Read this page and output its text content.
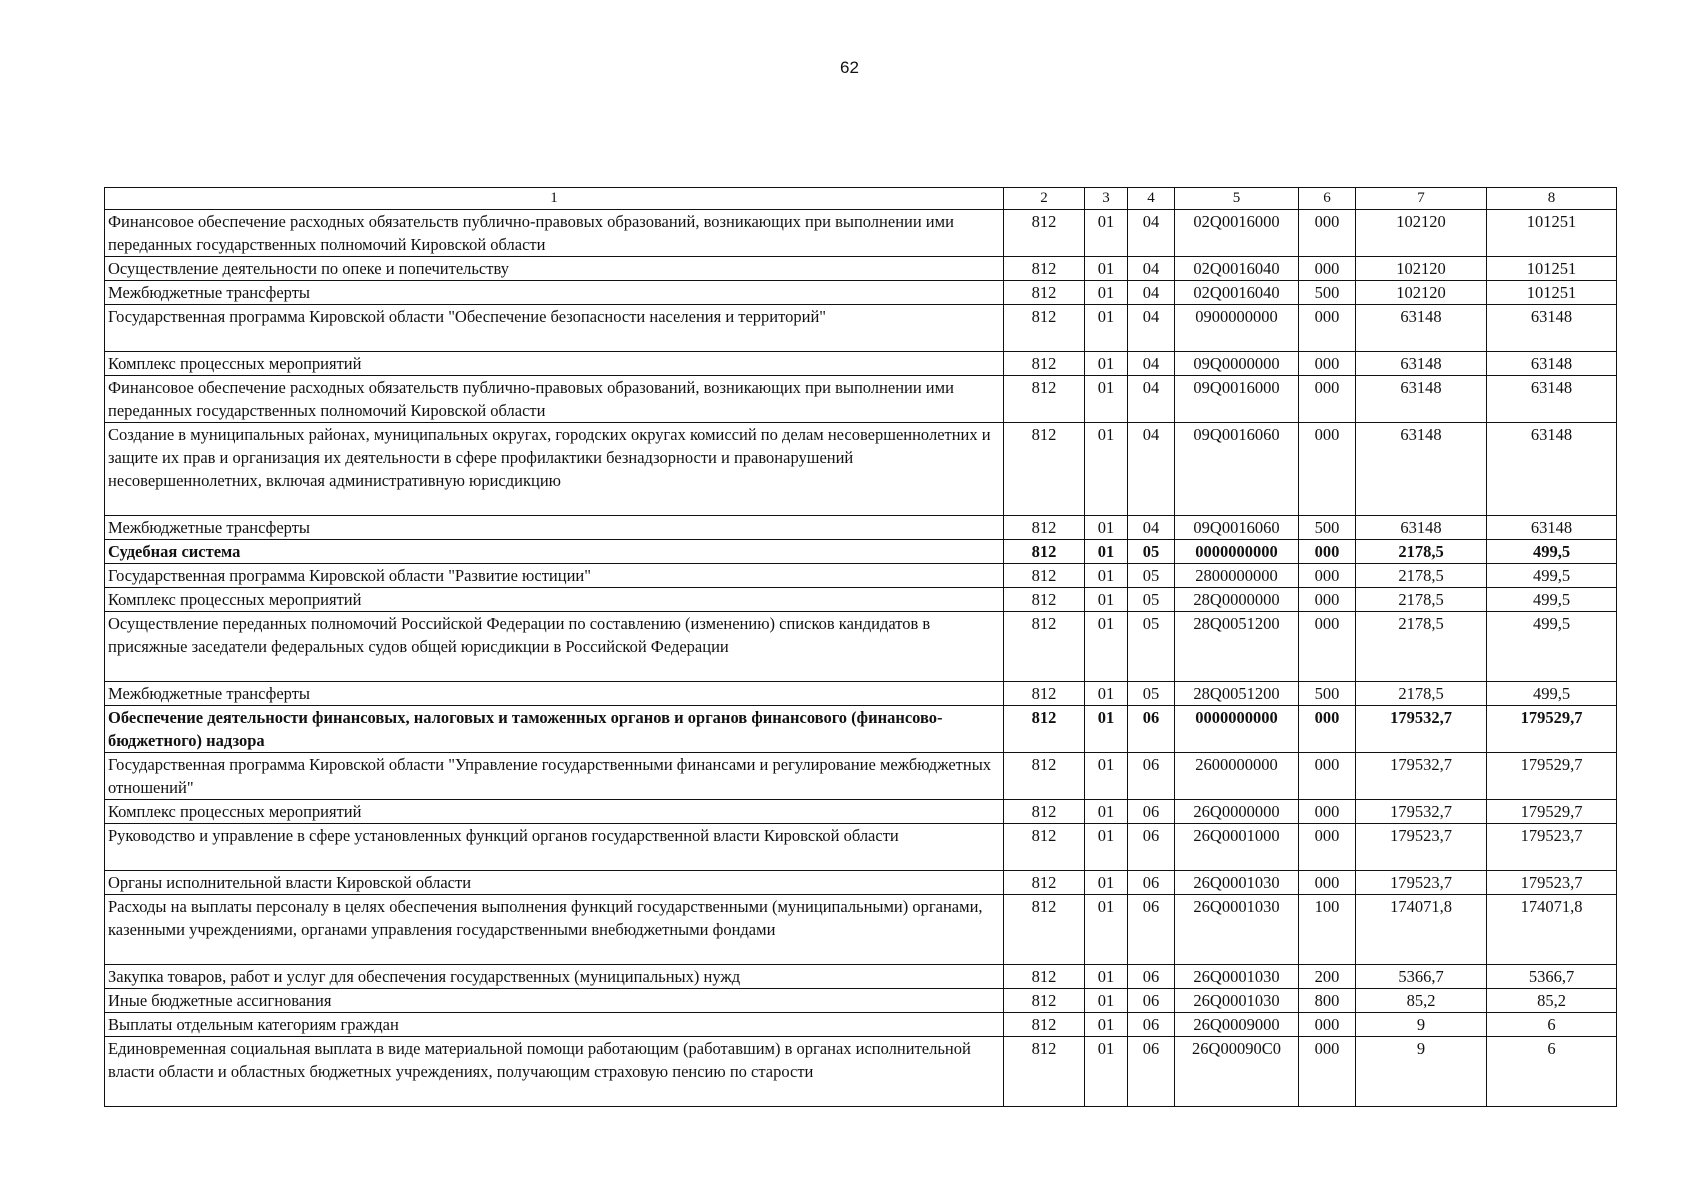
62
1	2	3	4	5	6	7	8
Финансовое обеспечение расходных обязательств публично-правовых образований, возникающих при выполнении ими переданных государственных полномочий Кировской области	812	01	04	02Q0016000	000	102120	101251
Осуществление деятельности по опеке и попечительству	812	01	04	02Q0016040	000	102120	101251
Межбюджетные трансферты	812	01	04	02Q0016040	500	102120	101251
Государственная программа Кировской области "Обеспечение безопасности населения и территорий"	812	01	04	0900000000	000	63148	63148
Комплекс процессных мероприятий	812	01	04	09Q0000000	000	63148	63148
Финансовое обеспечение расходных обязательств публично-правовых образований, возникающих при выполнении ими переданных государственных полномочий Кировской области	812	01	04	09Q0016000	000	63148	63148
Создание в муниципальных районах, муниципальных округах, городских округах комиссий по делам несовершеннолетних и защите их прав и организация их деятельности в сфере профилактики безнадзорности и правонарушений несовершеннолетних, включая административную юрисдикцию	812	01	04	09Q0016060	000	63148	63148
Межбюджетные трансферты	812	01	04	09Q0016060	500	63148	63148
Судебная система	812	01	05	0000000000	000	2178,5	499,5
Государственная программа Кировской области "Развитие юстиции"	812	01	05	2800000000	000	2178,5	499,5
Комплекс процессных мероприятий	812	01	05	28Q0000000	000	2178,5	499,5
Осуществление переданных полномочий Российской Федерации по составлению (изменению) списков кандидатов в присяжные заседатели федеральных судов общей юрисдикции в Российской Федерации	812	01	05	28Q0051200	000	2178,5	499,5
Межбюджетные трансферты	812	01	05	28Q0051200	500	2178,5	499,5
Обеспечение деятельности финансовых, налоговых и таможенных органов и органов финансового (финансово-бюджетного) надзора	812	01	06	0000000000	000	179532,7	179529,7
Государственная программа Кировской области "Управление государственными финансами и регулирование межбюджетных отношений"	812	01	06	2600000000	000	179532,7	179529,7
Комплекс процессных мероприятий	812	01	06	26Q0000000	000	179532,7	179529,7
Руководство и управление в сфере установленных функций органов государственной власти Кировской области	812	01	06	26Q0001000	000	179523,7	179523,7
Органы исполнительной власти Кировской области	812	01	06	26Q0001030	000	179523,7	179523,7
Расходы на выплаты персоналу в целях обеспечения выполнения функций государственными (муниципальными) органами, казенными учреждениями, органами управления государственными внебюджетными фондами	812	01	06	26Q0001030	100	174071,8	174071,8
Закупка товаров, работ и услуг для обеспечения государственных (муниципальных) нужд	812	01	06	26Q0001030	200	5366,7	5366,7
Иные бюджетные ассигнования	812	01	06	26Q0001030	800	85,2	85,2
Выплаты отдельным категориям граждан	812	01	06	26Q0009000	000	9	6
Единовременная социальная выплата в виде материальной помощи работающим (работавшим) в органах исполнительной власти области и областных бюджетных учреждениях, получающим страховую пенсию по старости	812	01	06	26Q00090C0	000	9	6
